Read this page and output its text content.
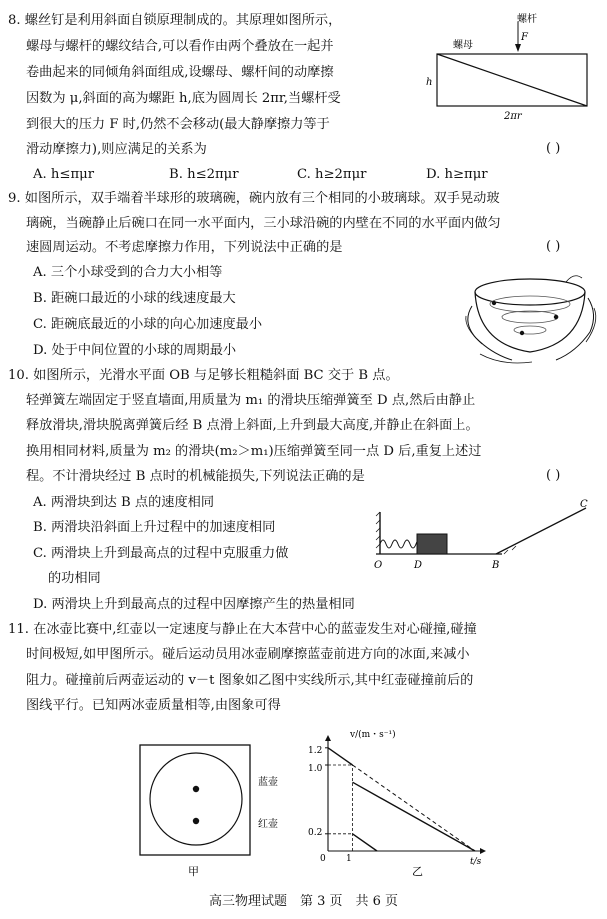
8. 螺丝钉是利用斜面自锁原理制成的。其原理如图所示，
螺母与螺杆的螺纹结合,可以看作由两个叠放在一起并
卷曲起来的同倾角斜面组成,设螺母、螺杆间的动摩擦
因数为 μ,斜面的高为螺距 h,底为圆周长 2πr,当螺杆受
到很大的压力 F 时,仍然不会移动(最大静摩擦力等于
滑动摩擦力),则应满足的关系为	( )
A. h≤πμr	B. h≤2πμr	C. h≥2πμr	D. h≥πμr
螺杆
F
螺母
h
2πr
9. 如图所示，双手端着半球形的玻璃碗，碗内放有三个相同的小玻璃球。双手晃动玻
璃碗，当碗静止后碗口在同一水平面内，三小球沿碗的内壁在不同的水平面内做匀
速圆周运动。不考虑摩擦力作用，下列说法中正确的是	( )
A. 三个小球受到的合力大小相等
B. 距碗口最近的小球的线速度最大
C. 距碗底最近的小球的向心加速度最小
D. 处于中间位置的小球的周期最小
10. 如图所示，光滑水平面 OB 与足够长粗糙斜面 BC 交于 B 点。
轻弹簧左端固定于竖直墙面,用质量为 m₁ 的滑块压缩弹簧至 D 点,然后由静止
释放滑块,滑块脱离弹簧后经 B 点滑上斜面,上升到最大高度,并静止在斜面上。
换用相同材料,质量为 m₂ 的滑块(m₂＞m₁)压缩弹簧至同一点 D 后,重复上述过
程。不计滑块经过 B 点时的机械能损失,下列说法正确的是	( )
A. 两滑块到达 B 点的速度相同
B. 两滑块沿斜面上升过程中的加速度相同
C. 两滑块上升到最高点的过程中克服重力做
的功相同
D. 两滑块上升到最高点的过程中因摩擦产生的热量相同
O	D	B
C
11. 在冰壶比赛中,红壶以一定速度与静止在大本营中心的蓝壶发生对心碰撞,碰撞
时间极短,如甲图所示。碰后运动员用冰壶刷摩擦蓝壶前进方向的冰面,来减小
阻力。碰撞前后两壶运动的 v－t 图象如乙图中实线所示,其中红壶碰撞前后的
图线平行。已知两冰壶质量相等,由图象可得
蓝壶
红壶
甲
v/(m・s⁻¹)
t/s
1.2
1.0
0.2
0 1
乙
高三物理试题　第 3 页　共 6 页
